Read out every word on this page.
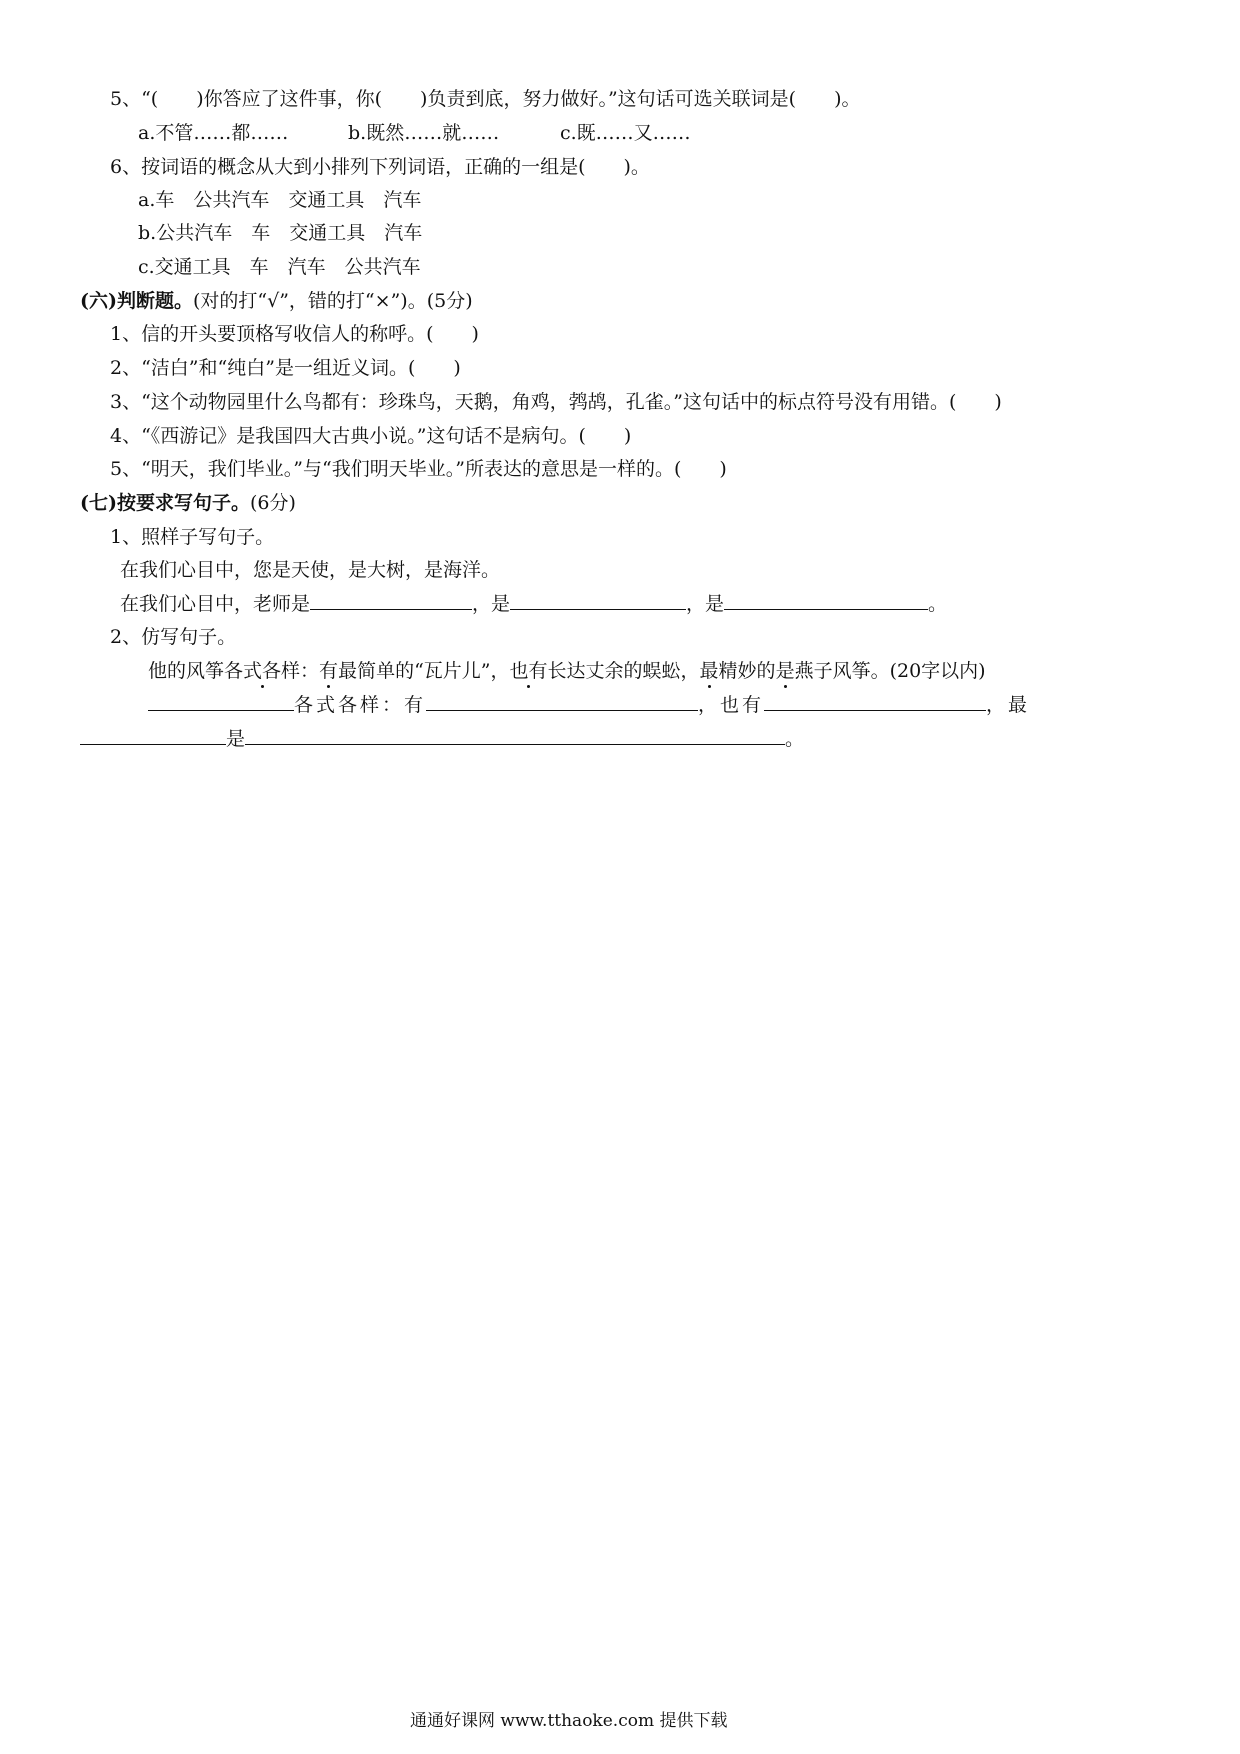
5、“(　　)你答应了这件事，你(　　)负责到底，努力做好。”这句话可选关联词是(　　)。
a.不管……都……	b.既然……就……	c.既……又……
6、按词语的概念从大到小排列下列词语，正确的一组是(　　)。
a.车　公共汽车　交通工具　汽车
b.公共汽车　车　交通工具　汽车
c.交通工具　车　汽车　公共汽车
(六)判断题。(对的打“√”，错的打“×”)。(5分)
1、信的开头要顶格写收信人的称呼。(　　)
2、“洁白”和“纯白”是一组近义词。(　　)
3、“这个动物园里什么鸟都有：珍珠鸟，天鹅，角鸡，鹁鸪，孔雀。”这句话中的标点符号没有用错。(　　)
4、“《西游记》是我国四大古典小说。”这句话不是病句。(　　)
5、“明天，我们毕业。”与“我们明天毕业。”所表达的意思是一样的。(　　)
(七)按要求写句子。(6分)
1、照样子写句子。
在我们心目中，您是天使，是大树，是海洋。
在我们心目中，老师是	，是	，是	。
2、仿写句子。
他的风筝各式各样：有最简单的“瓦片儿”，也有长达丈余的蜈蚣，最精妙的是燕子风筝。(20字以内)
各式各样：有	，也有	，最
是	。
通通好课网 www.tthaoke.com 提供下载
